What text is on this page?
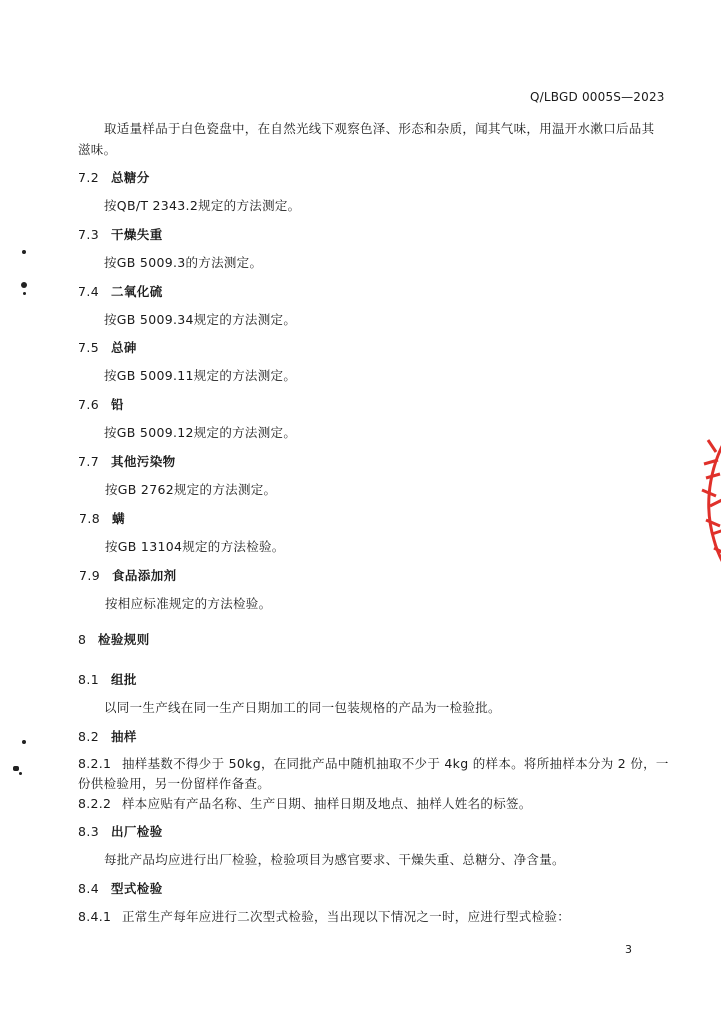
Q/LBGD 0005S—2023
取适量样品于白色瓷盘中，在自然光线下观察色泽、形态和杂质，闻其气味，用温开水漱口后品其
滋味。
7.2 总糖分
按QB/T 2343.2规定的方法测定。
7.3 干燥失重
按GB 5009.3的方法测定。
7.4 二氧化硫
按GB 5009.34规定的方法测定。
7.5 总砷
按GB 5009.11规定的方法测定。
7.6 铅
按GB 5009.12规定的方法测定。
7.7 其他污染物
按GB 2762规定的方法测定。
7.8 螨
按GB 13104规定的方法检验。
7.9 食品添加剂
按相应标准规定的方法检验。
8 检验规则
8.1 组批
以同一生产线在同一生产日期加工的同一包装规格的产品为一检验批。
8.2 抽样
8.2.1 抽样基数不得少于 50kg，在同批产品中随机抽取不少于 4kg 的样本。将所抽样本分为 2 份，一
份供检验用，另一份留样作备查。
8.2.2 样本应贴有产品名称、生产日期、抽样日期及地点、抽样人姓名的标签。
8.3 出厂检验
每批产品均应进行出厂检验，检验项目为感官要求、干燥失重、总糖分、净含量。
8.4 型式检验
8.4.1 正常生产每年应进行二次型式检验，当出现以下情况之一时，应进行型式检验：
3
